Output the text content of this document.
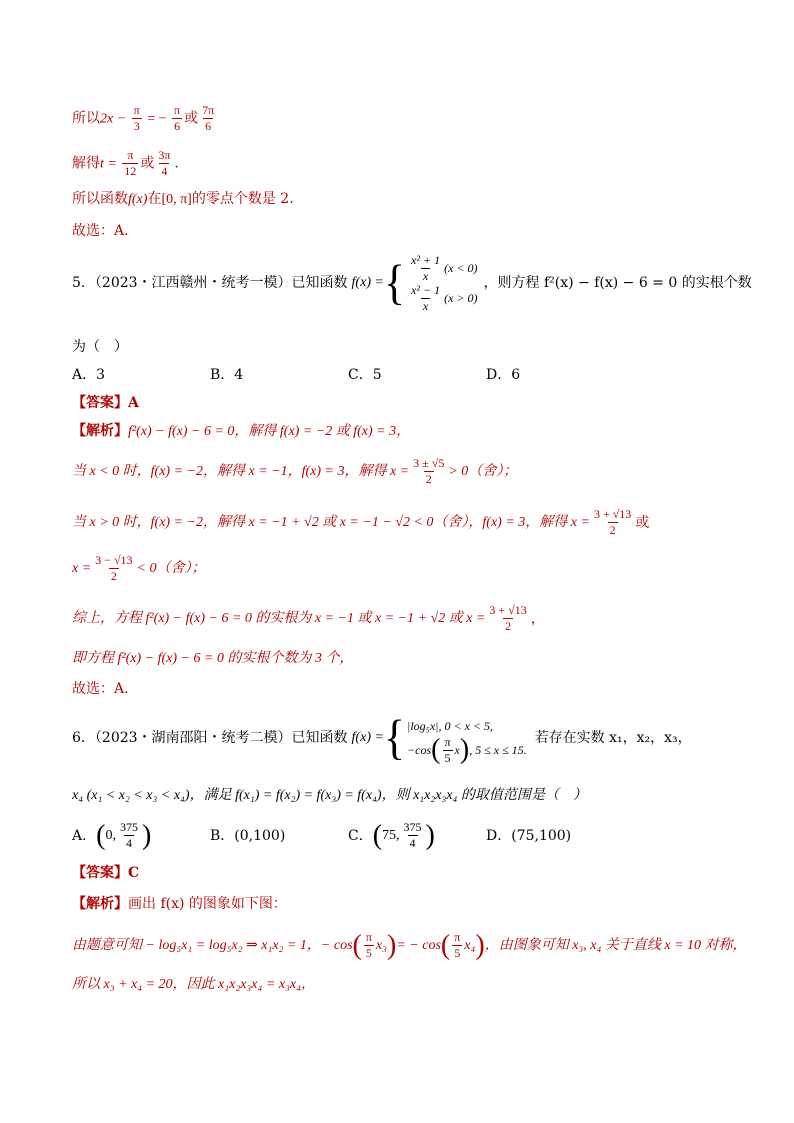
所以$2x - \frac{\pi}{3}$ = − $\frac{\pi}{6}$ 或 $\frac{7\pi}{6}$
解得$t = \frac{\pi}{12}$ 或 $\frac{3\pi}{4}$ .
所以函数f(x)在[0, π]的零点个数是 2.
故选：A.
5．（2023・江西赣州・统考一模）已知函数 f(x) = { $\frac{\text{x² + 1}}{x} (x < 0)$
$\frac{\text{x² − 1}}{x} (x > 0)$
，则方程 f²(x) − f(x) − 6 = 0 的实根个数
为（　）
A．3	B．4	C．5	D．6
【答案】A
【解析】f²(x) − f(x) − 6 = 0，解得 f(x) = −2 或 f(x) = 3，
当 x < 0 时，f(x) = −2，解得 x = −1，f(x) = 3，解得 $x = \frac{3 \pm √5}{2} > 0$（舍）；
当 x > 0 时，f(x) = −2，解得 x = −1 + √2 或 x = −1 − √2 < 0（舍），f(x) = 3，解得 $x = \frac{3 + √13}{2}$ 或
$x = \frac{3 - √13}{2} < 0$（舍）；
综上，方程 f²(x) − f(x) − 6 = 0 的实根为 x = −1 或 x = −1 + √2 或 $x = \frac{3 + √13}{2}$ ，
即方程 f²(x) − f(x) − 6 = 0 的实根个数为 3 个，
故选：A.
6．（2023・湖南邵阳・统考二模）已知函数 f(x) = { |log₅x|, 0 < x < 5,
−cos ( $\frac{\pi}{5}$ x ) , 5 ≤ x ≤ 15.
若存在实数 x₁，x₂，x₃，
x₄ (x₁ < x₂ < x₃ < x₄)，满足 f(x₁) = f(x₂) = f(x₃) = f(x₄)，则 x₁x₂x₃x₄ 的取值范围是（　）
A． ( 0, $\frac{375}{4}$ )	B．(0,100)	C． ( 75, $\frac{375}{4}$ )	D．(75,100)
【答案】C
【解析】画出 f(x) 的图象如下图：
由题意可知 − log₅x₁ = log₅x₂ ⇒ x₁x₂ = 1，− cos ( $\frac{\pi}{5} x_3$ ) = − cos ( $\frac{\pi}{5} x_4$ ) ，由图象可知 x₃, x₄ 关于直线 x = 10 对称，
所以 x₃ + x₄ = 20，因此 x₁x₂x₃x₄ = x₃x₄，
